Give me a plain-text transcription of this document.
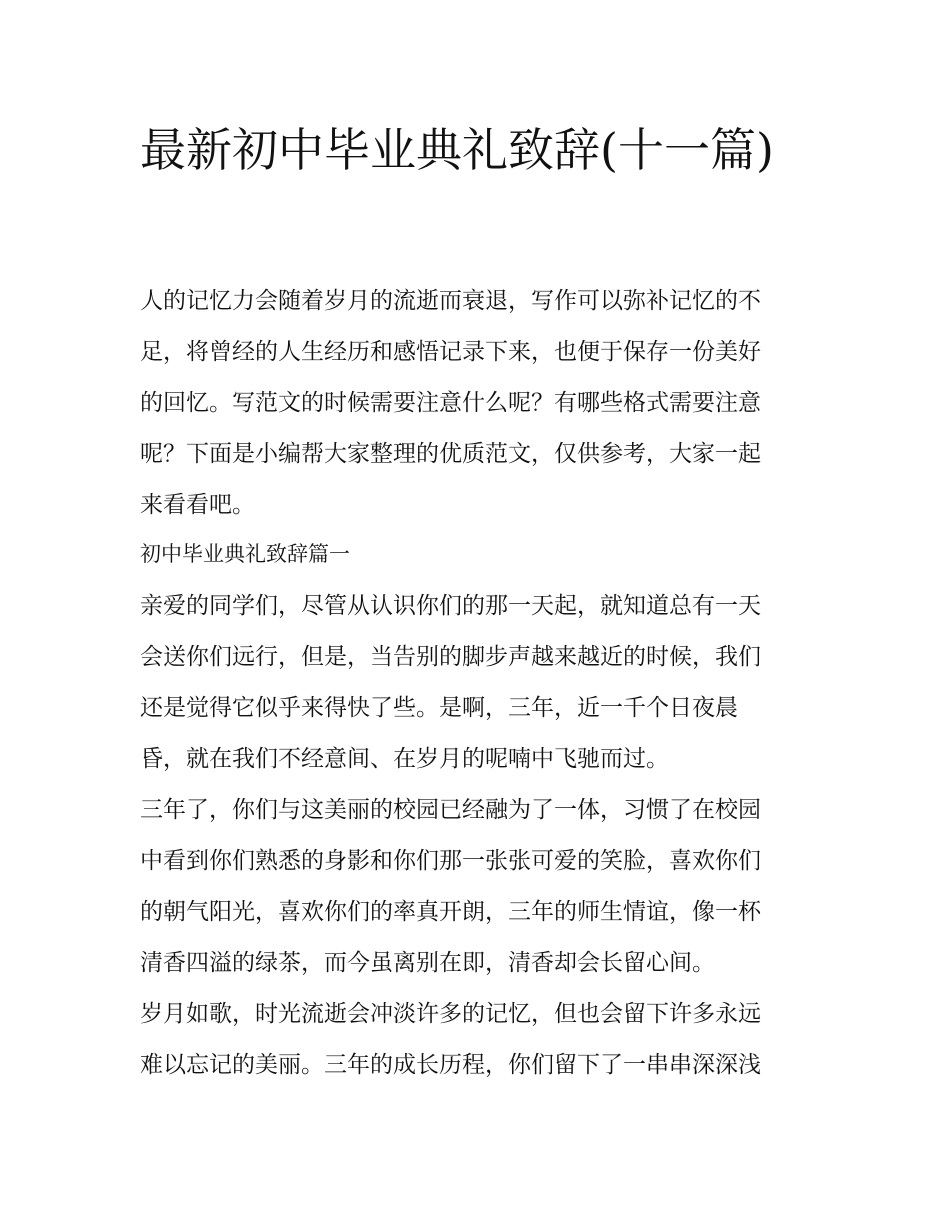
最新初中毕业典礼致辞(十一篇)
人的记忆力会随着岁月的流逝而衰退，写作可以弥补记忆的不
足，将曾经的人生经历和感悟记录下来，也便于保存一份美好
的回忆。写范文的时候需要注意什么呢？有哪些格式需要注意
呢？下面是小编帮大家整理的优质范文，仅供参考，大家一起
来看看吧。
初中毕业典礼致辞篇一
亲爱的同学们，尽管从认识你们的那一天起，就知道总有一天
会送你们远行，但是，当告别的脚步声越来越近的时候，我们
还是觉得它似乎来得快了些。是啊，三年，近一千个日夜晨
昏，就在我们不经意间、在岁月的呢喃中飞驰而过。
三年了，你们与这美丽的校园已经融为了一体，习惯了在校园
中看到你们熟悉的身影和你们那一张张可爱的笑脸，喜欢你们
的朝气阳光，喜欢你们的率真开朗，三年的师生情谊，像一杯
清香四溢的绿茶，而今虽离别在即，清香却会长留心间。
岁月如歌，时光流逝会冲淡许多的记忆，但也会留下许多永远
难以忘记的美丽。三年的成长历程，你们留下了一串串深深浅
